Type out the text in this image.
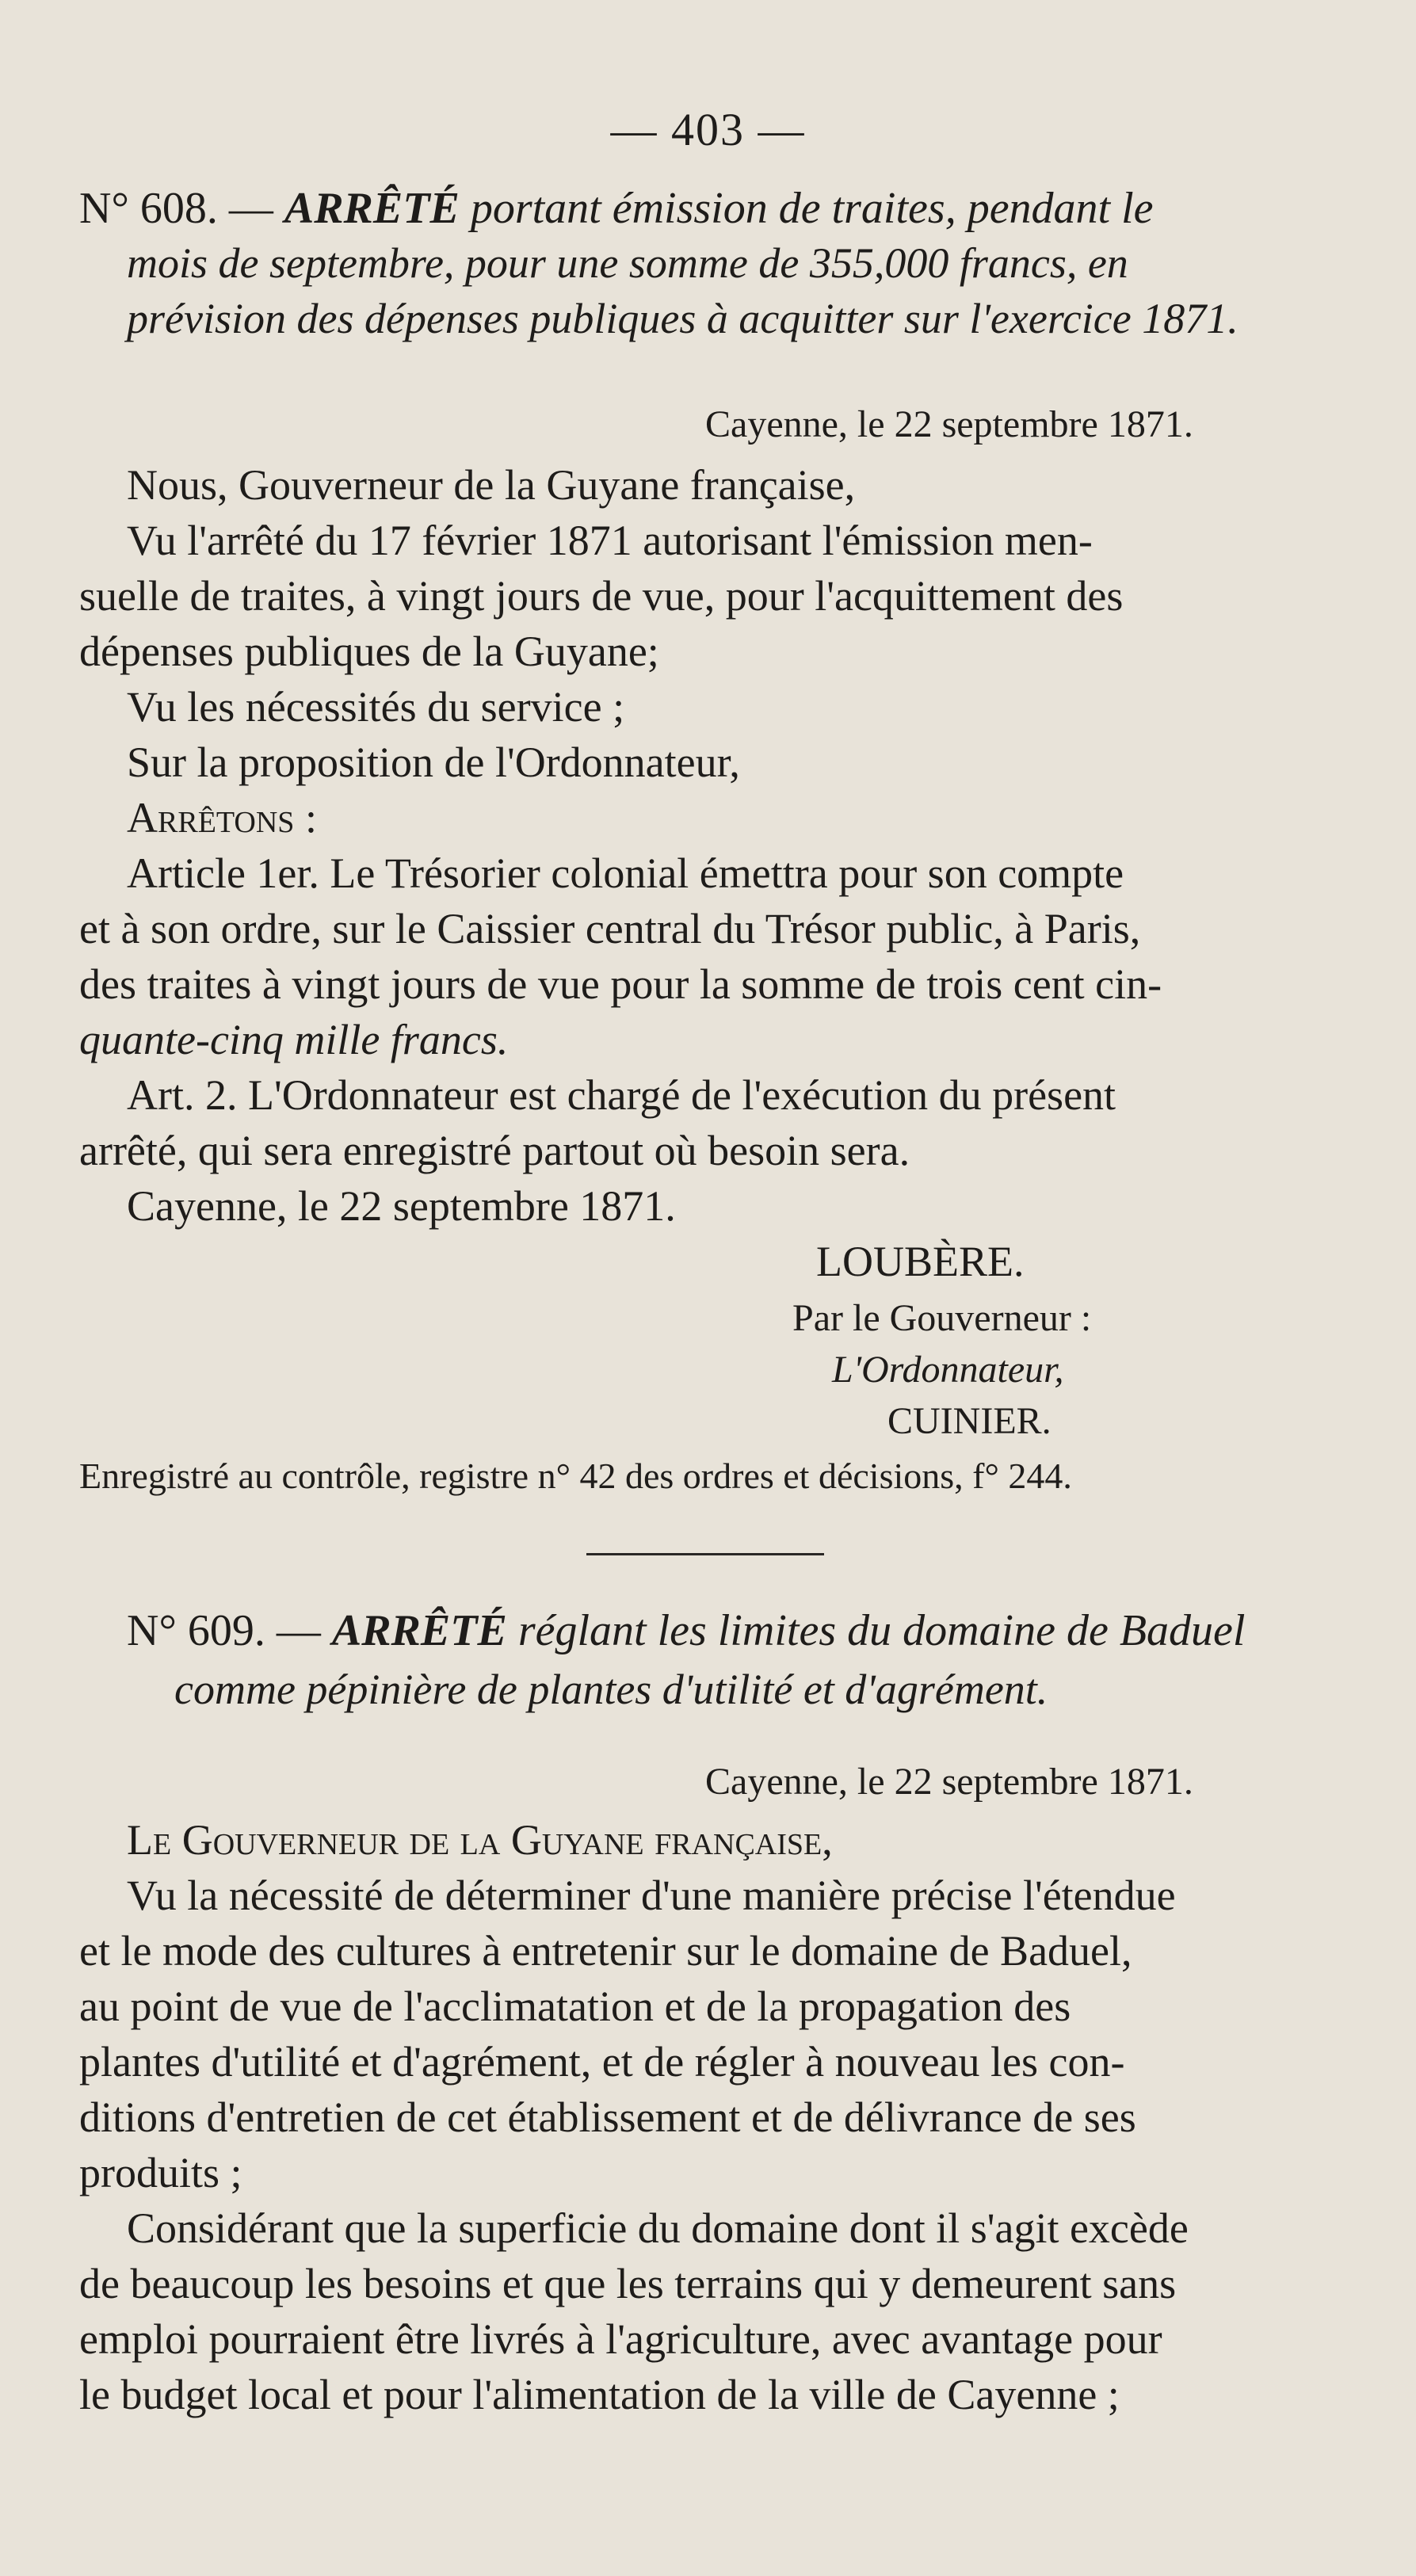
— 403 —
N° 608. — ARRÊTÉ portant émission de traites, pendant le
mois de septembre, pour une somme de 355,000 francs, en
prévision des dépenses publiques à acquitter sur l'exercice 1871.
Cayenne, le 22 septembre 1871.
Nous, Gouverneur de la Guyane française,
Vu l'arrêté du 17 février 1871 autorisant l'émission men-
suelle de traites, à vingt jours de vue, pour l'acquittement des
dépenses publiques de la Guyane;
Vu les nécessités du service ;
Sur la proposition de l'Ordonnateur,
Arrêtons :
Article 1er. Le Trésorier colonial émettra pour son compte
et à son ordre, sur le Caissier central du Trésor public, à Paris,
des traites à vingt jours de vue pour la somme de trois cent cin-
quante-cinq mille francs.
Art. 2. L'Ordonnateur est chargé de l'exécution du présent
arrêté, qui sera enregistré partout où besoin sera.
Cayenne, le 22 septembre 1871.
LOUBÈRE.
Par le Gouverneur :
L'Ordonnateur,
CUINIER.
Enregistré au contrôle, registre n° 42 des ordres et décisions, f° 244.
N° 609. — ARRÊTÉ réglant les limites du domaine de Baduel
comme pépinière de plantes d'utilité et d'agrément.
Cayenne, le 22 septembre 1871.
Le Gouverneur de la Guyane française,
Vu la nécessité de déterminer d'une manière précise l'étendue
et le mode des cultures à entretenir sur le domaine de Baduel,
au point de vue de l'acclimatation et de la propagation des
plantes d'utilité et d'agrément, et de régler à nouveau les con-
ditions d'entretien de cet établissement et de délivrance de ses
produits ;
Considérant que la superficie du domaine dont il s'agit excède
de beaucoup les besoins et que les terrains qui y demeurent sans
emploi pourraient être livrés à l'agriculture, avec avantage pour
le budget local et pour l'alimentation de la ville de Cayenne ;
